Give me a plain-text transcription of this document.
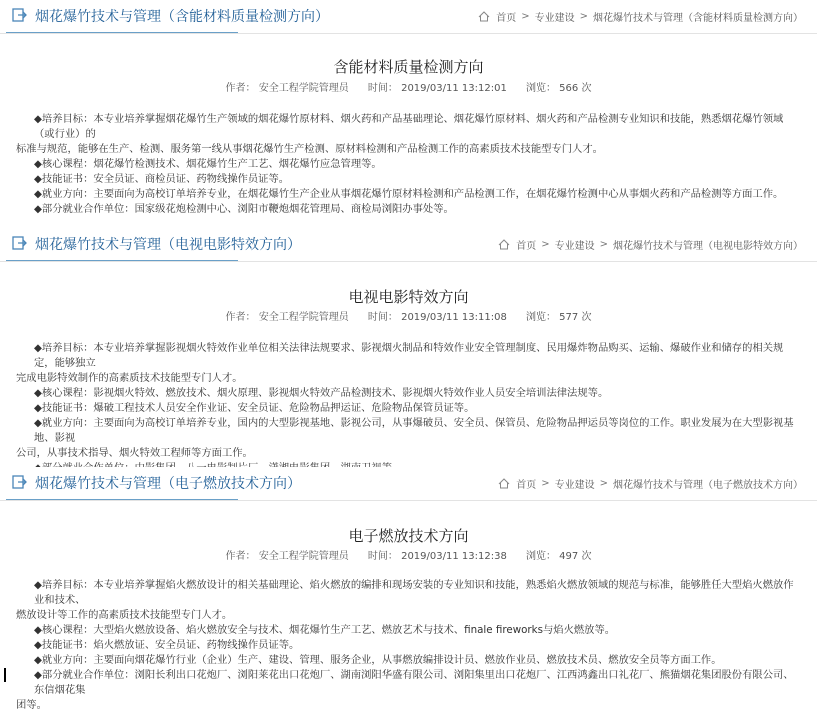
烟花爆竹技术与管理（含能材料质量检测方向）	首页 > 专业建设 > 烟花爆竹技术与管理（含能材料质量检测方向）
含能材料质量检测方向
作者： 安全工程学院管理员 时间： 2019/03/11 13:12:01 浏览： 566 次

◆培养目标：本专业培养掌握烟花爆竹生产领域的烟花爆竹原材料、烟火药和产品基础理论、烟花爆竹原材料、烟火药和产品检测专业知识和技能，熟悉烟花爆竹领域（或行业）的

标准与规范，能够在生产、检测、服务第一线从事烟花爆竹生产检测、原材料检测和产品检测工作的高素质技术技能型专门人才。

◆核心课程：烟花爆竹检测技术、烟花爆竹生产工艺、烟花爆竹应急管理等。

◆技能证书：安全员证、商检员证、药物线操作员证等。

◆就业方向：主要面向为高校订单培养专业，在烟花爆竹生产企业从事烟花爆竹原材料检测和产品检测工作，在烟花爆竹检测中心从事烟火药和产品检测等方面工作。

◆部分就业合作单位：国家级花炮检测中心、浏阳市鞭炮烟花管理局、商检局浏阳办事处等。

烟花爆竹技术与管理（电视电影特效方向）	首页 > 专业建设 > 烟花爆竹技术与管理（电视电影特效方向）
电视电影特效方向
作者： 安全工程学院管理员 时间： 2019/03/11 13:11:08 浏览： 577 次

◆培养目标：本专业培养掌握影视烟火特效作业单位相关法律法规要求、影视烟火制品和特效作业安全管理制度、民用爆炸物品购买、运输、爆破作业和储存的相关规定，能够独立

完成电影特效制作的高素质技术技能型专门人才。

◆核心课程：影视烟火特效、燃放技术、烟火原理、影视烟火特效产品检测技术、影视烟火特效作业人员安全培训法律法规等。

◆技能证书：爆破工程技术人员安全作业证、安全员证、危险物品押运证、危险物品保管员证等。

◆就业方向：主要面向为高校订单培养专业，国内的大型影视基地、影视公司，从事爆破员、安全员、保管员、危险物品押运员等岗位的工作。职业发展为在大型影视基地、影视

公司，从事技术指导、烟火特效工程师等方面工作。

烟花爆竹技术与管理（电子燃放技术方向）	首页 > 专业建设 > 烟花爆竹技术与管理（电子燃放技术方向）
电子燃放技术方向
作者： 安全工程学院管理员 时间： 2019/03/11 13:12:38 浏览： 497 次

◆培养目标：本专业培养掌握焰火燃放设计的相关基础理论、焰火燃放的编排和现场安装的专业知识和技能，熟悉焰火燃放领域的规范与标准，能够胜任大型焰火燃放作业和技术、

燃放设计等工作的高素质技术技能型专门人才。

◆核心课程：大型焰火燃放设备、焰火燃放安全与技术、烟花爆竹生产工艺、燃放艺术与技术、finale fireworks与焰火燃放等。

◆技能证书：焰火燃放证、安全员证、药物线操作员证等。

◆就业方向：主要面向烟花爆竹行业（企业）生产、建设、管理、服务企业，从事燃放编排设计员、燃放作业员、燃放技术员、燃放安全员等方面工作。

◆部分就业合作单位：浏阳长利出口花炮厂、浏阳莱花出口花炮厂、湖南浏阳华盛有限公司、浏阳集里出口花炮厂、江西鸿鑫出口礼花厂、熊猫烟花集团股份有限公司、东信烟花集

团等。
